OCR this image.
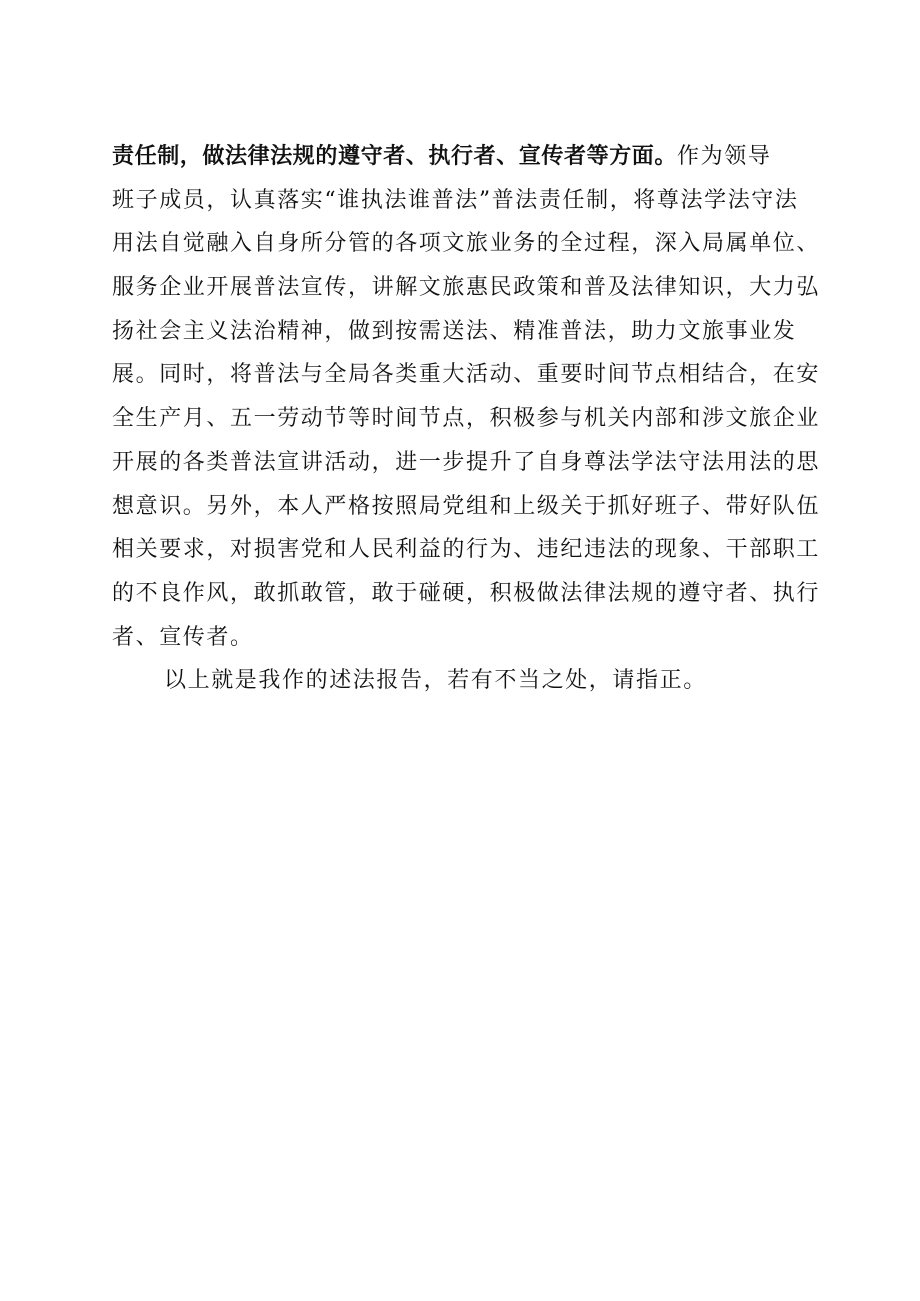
责任制，做法律法规的遵守者、执行者、宣传者等方面。作为领导
班子成员，认真落实“谁执法谁普法”普法责任制，将尊法学法守法
用法自觉融入自身所分管的各项文旅业务的全过程，深入局属单位、
服务企业开展普法宣传，讲解文旅惠民政策和普及法律知识，大力弘
扬社会主义法治精神，做到按需送法、精准普法，助力文旅事业发
展。同时，将普法与全局各类重大活动、重要时间节点相结合，在安
全生产月、五一劳动节等时间节点，积极参与机关内部和涉文旅企业
开展的各类普法宣讲活动，进一步提升了自身尊法学法守法用法的思
想意识。另外，本人严格按照局党组和上级关于抓好班子、带好队伍
相关要求，对损害党和人民利益的行为、违纪违法的现象、干部职工
的不良作风，敢抓敢管，敢于碰硬，积极做法律法规的遵守者、执行
者、宣传者。
以上就是我作的述法报告，若有不当之处，请指正。
